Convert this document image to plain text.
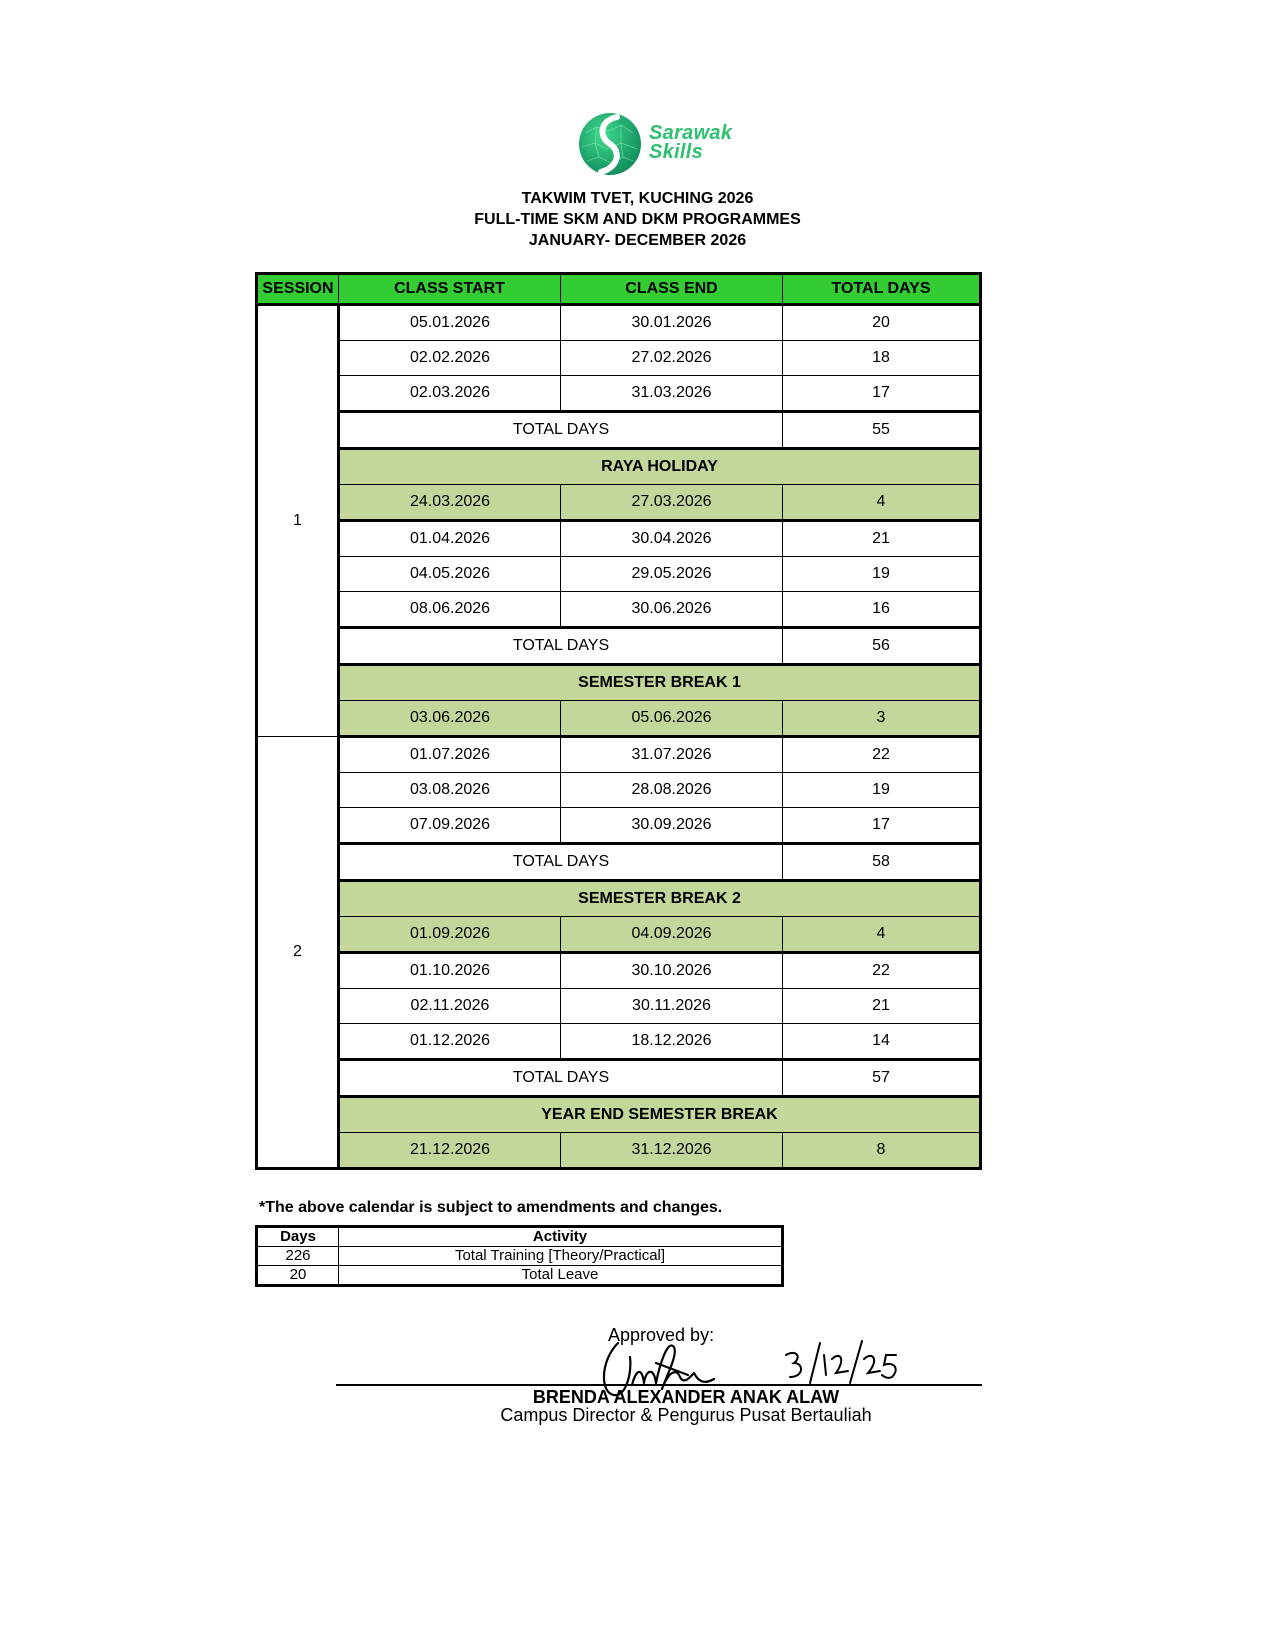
Sarawak
Skills
TAKWIM TVET, KUCHING 2026
FULL-TIME SKM AND DKM PROGRAMMES
JANUARY- DECEMBER 2026
SESSION	CLASS START	CLASS END	TOTAL DAYS
1	05.01.2026	30.01.2026	20
02.02.2026	27.02.2026	18
02.03.2026	31.03.2026	17
TOTAL DAYS	55
RAYA HOLIDAY
24.03.2026	27.03.2026	4
01.04.2026	30.04.2026	21
04.05.2026	29.05.2026	19
08.06.2026	30.06.2026	16
TOTAL DAYS	56
SEMESTER BREAK 1
03.06.2026	05.06.2026	3
2	01.07.2026	31.07.2026	22
03.08.2026	28.08.2026	19
07.09.2026	30.09.2026	17
TOTAL DAYS	58
SEMESTER BREAK 2
01.09.2026	04.09.2026	4
01.10.2026	30.10.2026	22
02.11.2026	30.11.2026	21
01.12.2026	18.12.2026	14
TOTAL DAYS	57
YEAR END SEMESTER BREAK
21.12.2026	31.12.2026	8
*The above calendar is subject to amendments and changes.
Days	Activity
226	Total Training [Theory/Practical]
20	Total Leave
Approved by:
BRENDA ALEXANDER ANAK ALAW
Campus Director & Pengurus Pusat Bertauliah
